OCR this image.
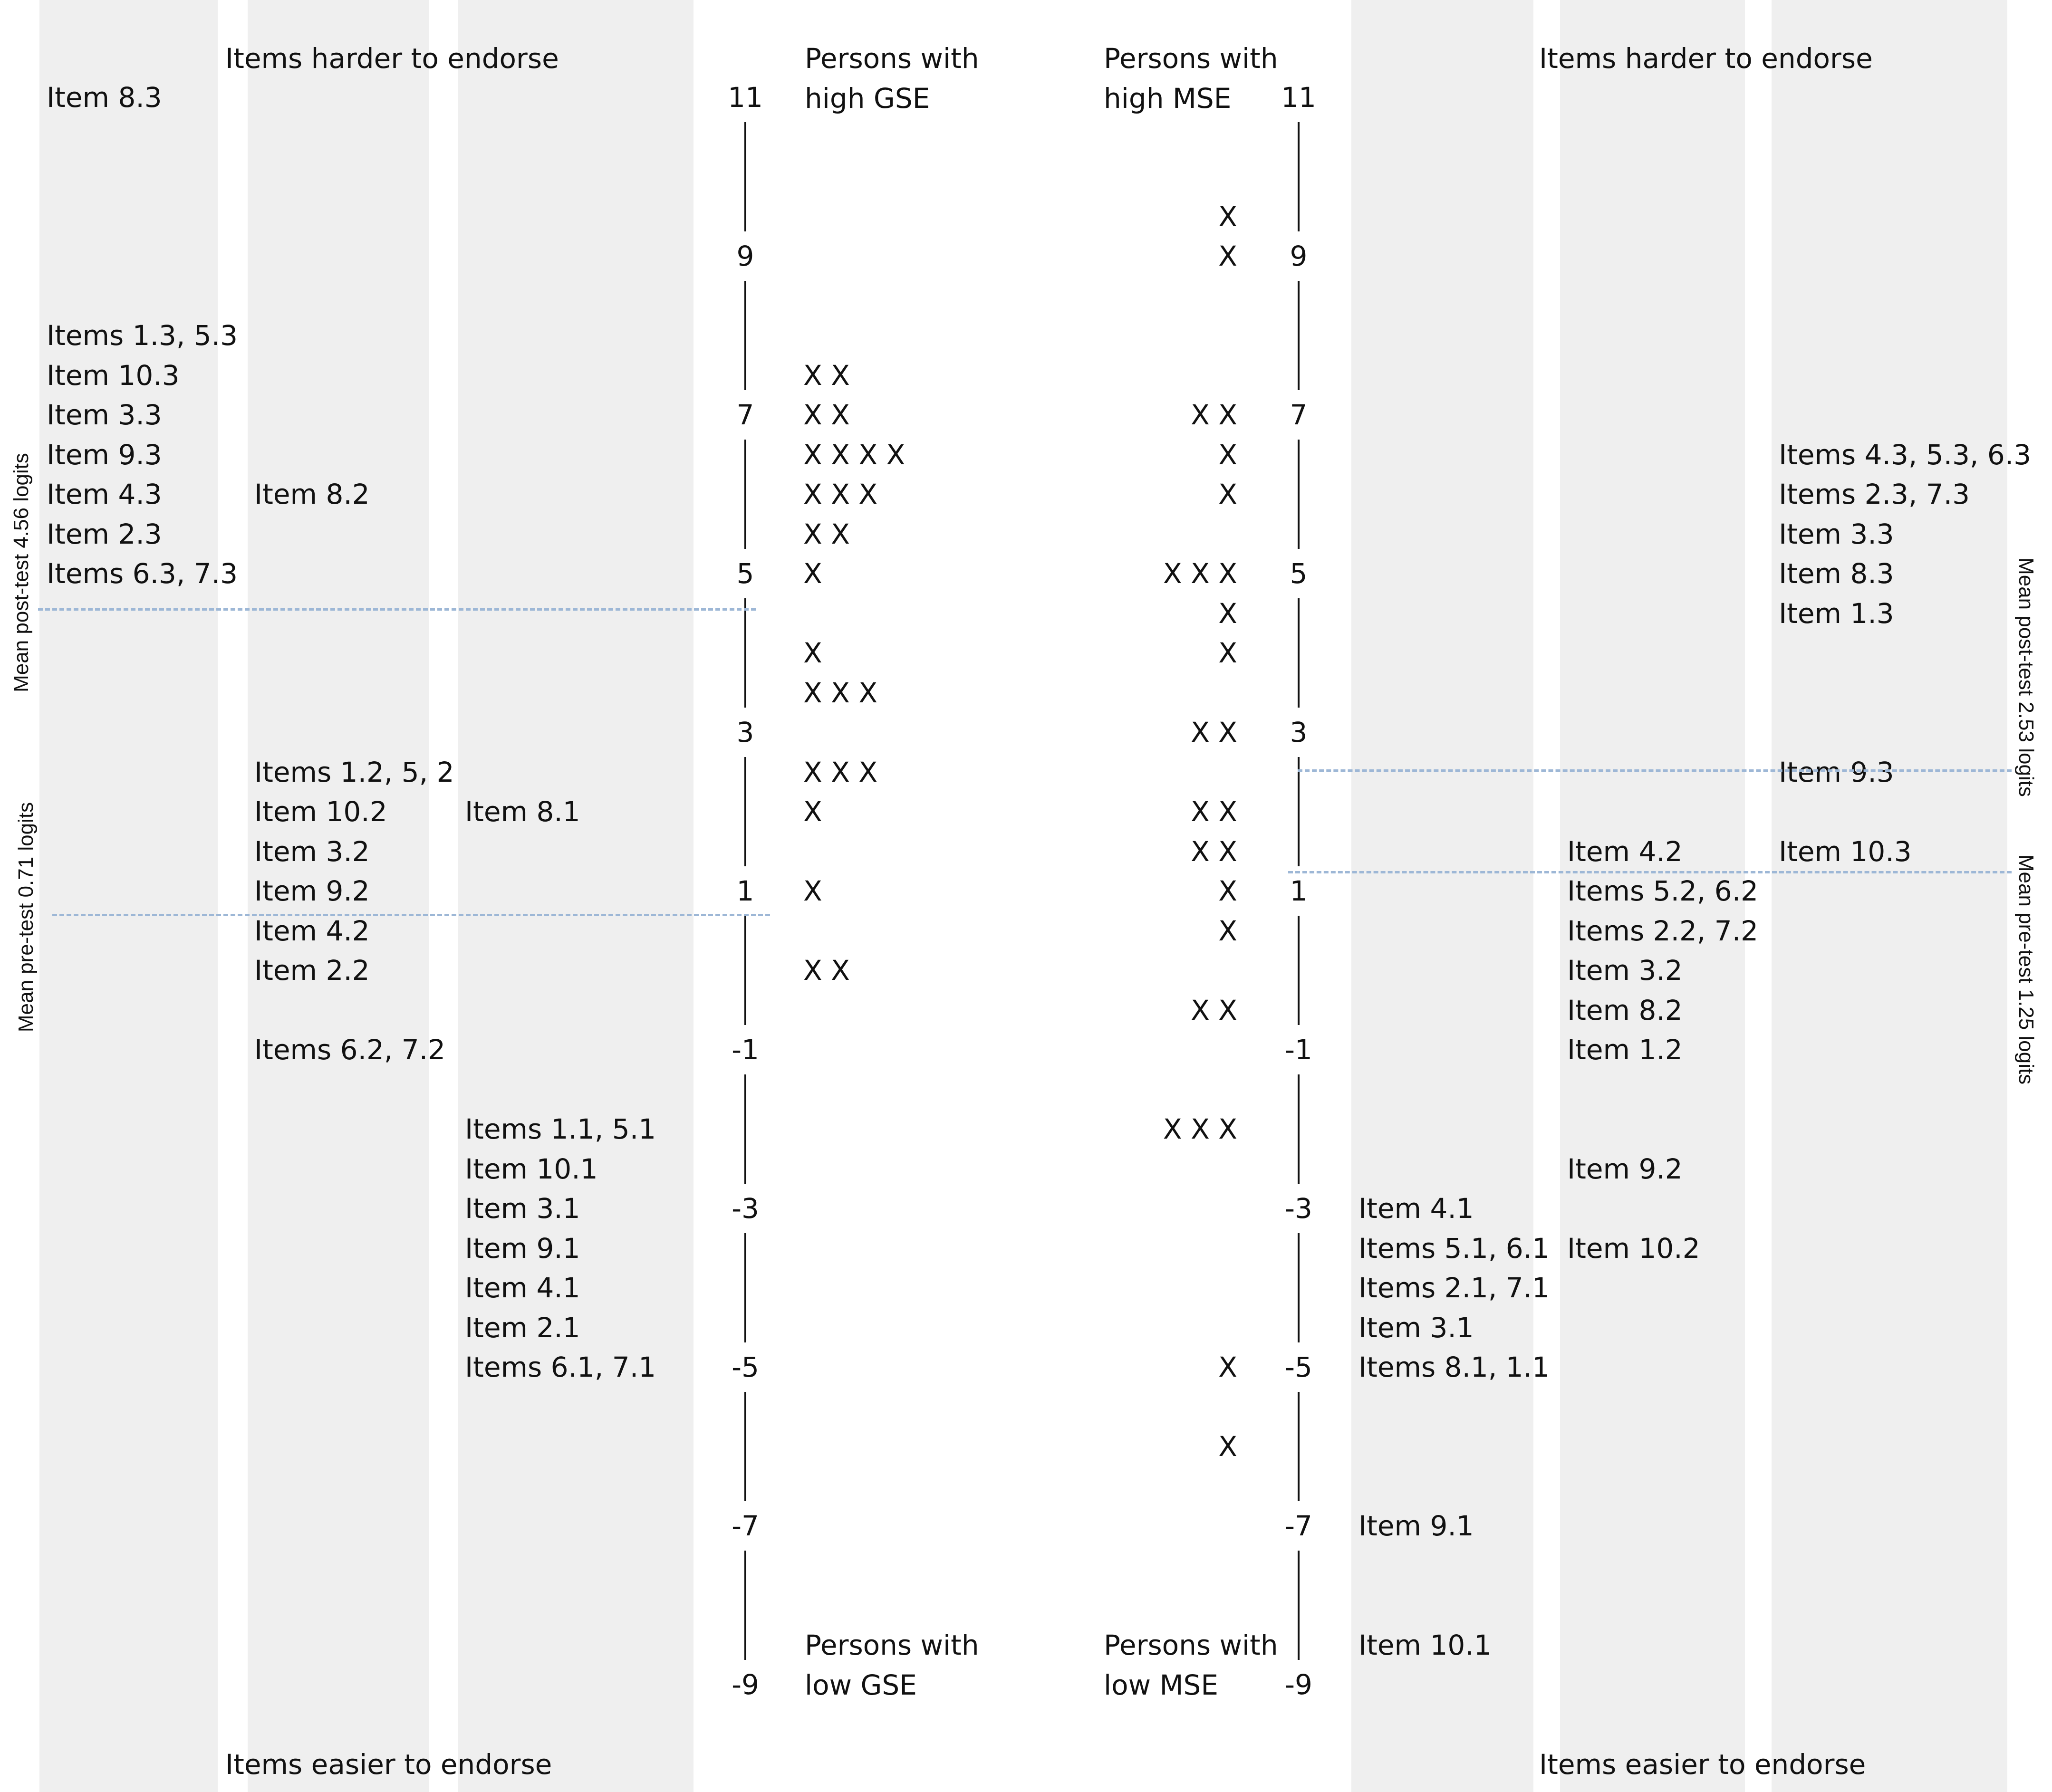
Items harder to endorse
Items easier to endorse
Items harder to endorse
Items easier to endorse
Persons with
high GSE
Persons with
low GSE
Persons with
high MSE
Persons with
low MSE
Mean post-test 4.56 logits
Mean pre-test 0.71 logits
Mean post-test 2.53 logits
Mean pre-test 1.25 logits
11
9
7
5
3
1
-1
-3
-5
-7
-9
11
9
7
5
3
1
-1
-3
-5
-7
-9
Item 8.3
Items 1.3, 5.3
Item 10.3
Item 3.3
Item 9.3
Item 4.3
Item 2.3
Items 6.3, 7.3
Item 8.2
Items 1.2, 5, 2
Item 10.2
Item 3.2
Item 9.2
Item 4.2
Item 2.2
Items 6.2, 7.2
Item 8.1
Items 1.1, 5.1
Item 10.1
Item 3.1
Item 9.1
Item 4.1
Item 2.1
Items 6.1, 7.1
Item 4.1
Items 5.1, 6.1
Items 2.1, 7.1
Item 3.1
Items 8.1, 1.1
Item 9.1
Item 10.1
Item 4.2
Items 5.2, 6.2
Items 2.2, 7.2
Item 3.2
Item 8.2
Item 1.2
Item 9.2
Item 10.2
Items 4.3, 5.3, 6.3
Items 2.3, 7.3
Item 3.3
Item 8.3
Item 1.3
Item 9.3
Item 10.3
X X
X X
X X X X
X X X
X X
X
X
X X X
X X X
X
X
X X
X
X
X X
X
X
X X X
X
X
X X
X X
X X
X
X
X X
X X X
X
X
